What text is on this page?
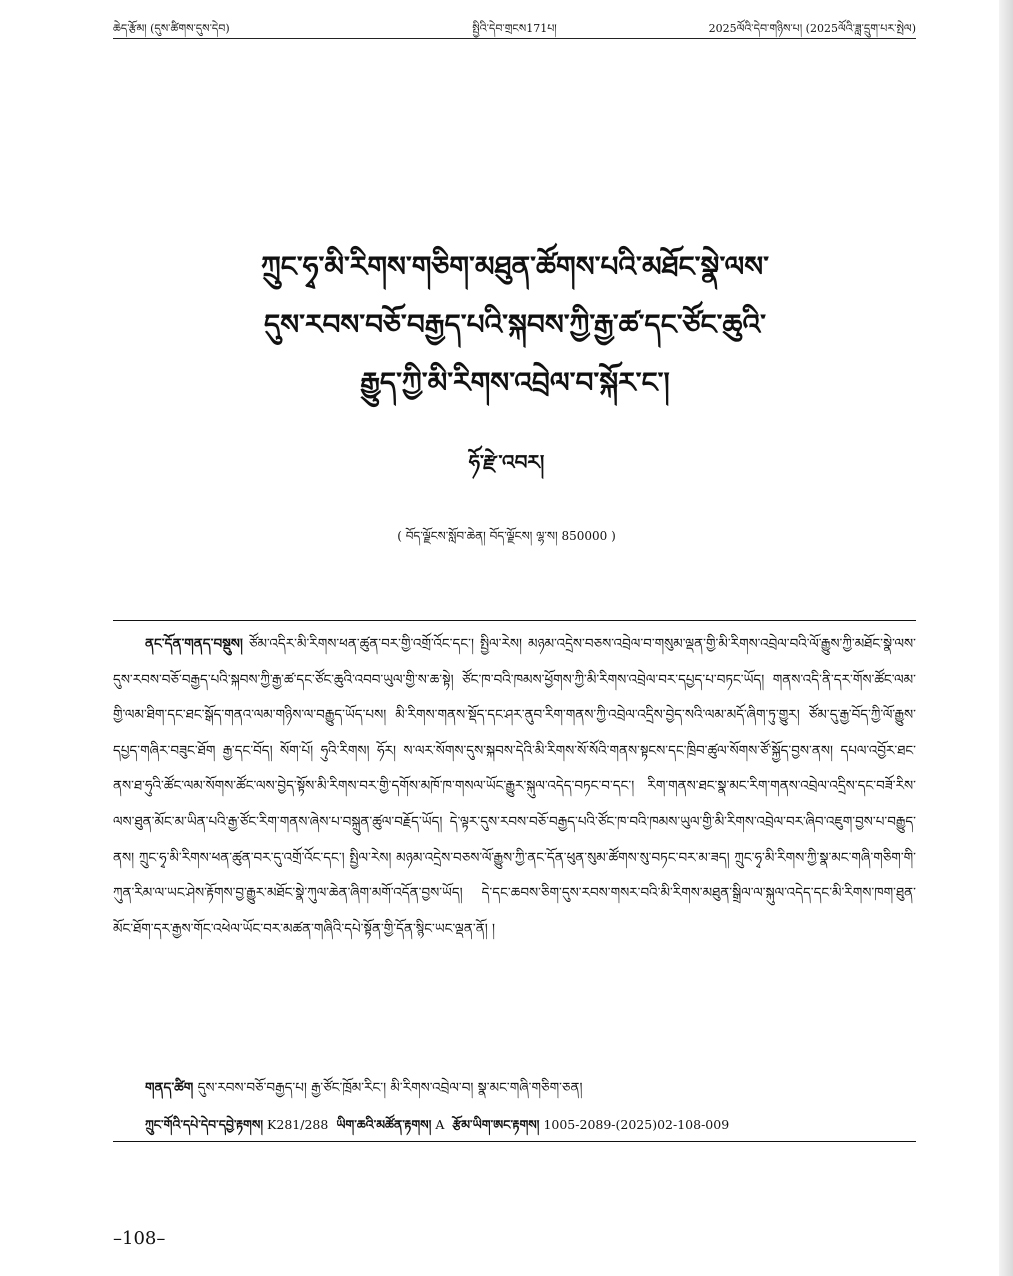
ཆེད་རྩོམ། (དུས་ཚིགས་དུས་དེབ)	སྤྱིའི་དེབ་གྲངས171པ།	2025ལོའི་དེབ་གཉིས་པ། (2025ལོའི་ཟླ་དྲུག་པར་སྤེལ)
ཀྲུང་ཧྭ་མི་རིགས་གཅིག་མཐུན་ཚོགས་པའི་མཐོང་སྣེ་ལས་
དུས་རབས་བཅོ་བརྒྱད་པའི་སྐབས་ཀྱི་རྒྱ་ཚ་དང་ཙོང་ཆུའི་
རྒྱུད་ཀྱི་མི་རིགས་འབྲེལ་བ་སྐོར་ང་།
ཧོ་རྫེ་འབར།
( བོད་ལྗོངས་སློབ་ཆེན། བོད་ལྗོངས། ལྷ་ས། 850000 )
ནང་དོན་གནད་བསྡུས། ཙོམ་འདིར་མི་རིགས་ཕན་ཚུན་བར་གྱི་འགྲོ་འོང་དང་། སྤྱིལ་རེས། མཉམ་འདྲེས་བཅས་འབྲེལ་བ་གསུམ་ལྡན་གྱི་མི་རིགས་འབྲེལ་བའི་ལོ་རྒྱུས་ཀྱི་མཐོང་སྣེ་ལས་དུས་རབས་བཅོ་བརྒྱད་པའི་སྐབས་ཀྱི་རྒྱ་ཚ་དང་ཙོང་ཆུའི་འབབ་ཡུལ་གྱི་ས་ཆ་སྟེ། ཙོང་ཁ་བའི་ཁམས་ཕྱོགས་ཀྱི་མི་རིགས་འབྲེལ་བར་དཔྱད་པ་བཏང་ཡོད། གནས་འདི་ནི་དར་གོས་ཚོང་ལམ་གྱི་ལམ་ཐིག་དང་ཐང་སྒོད་གནའ་ལམ་གཉིས་ལ་བརྒྱུད་ཡོད་པས། མི་རིགས་གནས་སྡོད་དང་ཤར་ནུབ་རིག་གནས་ཀྱི་འབྲེལ་འདྲིས་བྱེད་སའི་ལམ་མདོ་ཞིག་ཏུ་གྱུར། ཙོམ་དུ་རྒྱ་བོད་ཀྱི་ལོ་རྒྱུས་དཔྱད་གཞིར་བཟུང་ཐོག རྒྱ་དང་བོད། སོག་པོ། ཧུའི་རིགས། ཧོར། ས་ལར་སོགས་དུས་སྐབས་དེའི་མི་རིགས་སོ་སོའི་གནས་སྟངས་དང་ཁྲིབ་ཚུལ་སོགས་ཙོ་སྐྱོད་བྱས་ནས། དཔལ་འབྱོར་ཐང་ནས་ཐ་ཧུའི་ཚོང་ལམ་སོགས་ཚོང་ལས་བྱེད་སྟོས་མི་རིགས་བར་གྱི་དགོས་མཁོ་ཁ་གསལ་ཡོང་རྒྱུར་སྐུལ་འདེད་བཏང་བ་དང་། རིག་གནས་ཐང་སྣ་མང་རིག་གནས་འབྲེལ་འདྲིས་དང་བཟོ་རིས་ལས་ཐུན་མོང་མ་ཡིན་པའི་རྒྱ་ཙོང་རིག་གནས་ཞེས་པ་བསྐྲུན་ཚུལ་བརྗོད་ཡོད། དེ་ལྟར་དུས་རབས་བཅོ་བརྒྱད་པའི་ཙོང་ཁ་བའི་ཁམས་ཡུལ་གྱི་མི་རིགས་འབྲེལ་བར་ཞིབ་འཇུག་བྱས་པ་བརྒྱུད་ནས། ཀྲུང་ཧྭ་མི་རིགས་ཕན་ཚུན་བར་དུ་འགྲོ་འོང་དང་། སྤྱིལ་རེས། མཉམ་འདྲེས་བཅས་ལོ་རྒྱུས་ཀྱི་ནང་དོན་ཕུན་སུམ་ཚོགས་སུ་བཏང་བར་མ་ཟད། ཀྲུང་ཧྭ་མི་རིགས་ཀྱི་སྣ་མང་གཞི་གཅིག་གི་ཀུན་རིམ་ལ་ཡང་ཤེས་རྟོགས་བྱ་རྒྱུར་མཐོང་སྣེ་ཀུལ་ཆེན་ཞིག་མགོ་འདོན་བྱས་ཡོད། དེ་དང་ཆབས་ཅིག་དུས་རབས་གསར་བའི་མི་རིགས་མཐུན་སྒྲིལ་ལ་སྐུལ་འདེད་དང་མི་རིགས་ཁག་ཐུན་མོང་ཐོག་དར་རྒྱས་གོང་འཕེལ་ཡོང་བར་མཚན་གཞིའི་དཔེ་སྟོན་གྱི་དོན་སྙིང་ཡང་ལྡན་ནོ། །
གནད་ཚིག དུས་རབས་བཅོ་བརྒྱད་པ། རྒྱ་ཙོང་ཁྲོམ་རིང་། མི་རིགས་འབྲེལ་བ། སྣ་མང་གཞི་གཅིག་ཅན།
ཀྲུང་གོའི་དཔེ་དེབ་དབྱེ་རྟགས། K281/288 ཡིག་ཆའི་མཚོན་རྟགས། A རྩོམ་ཡིག་ཨང་རྟགས། 1005-2089-(2025)02-108-009
–108–
